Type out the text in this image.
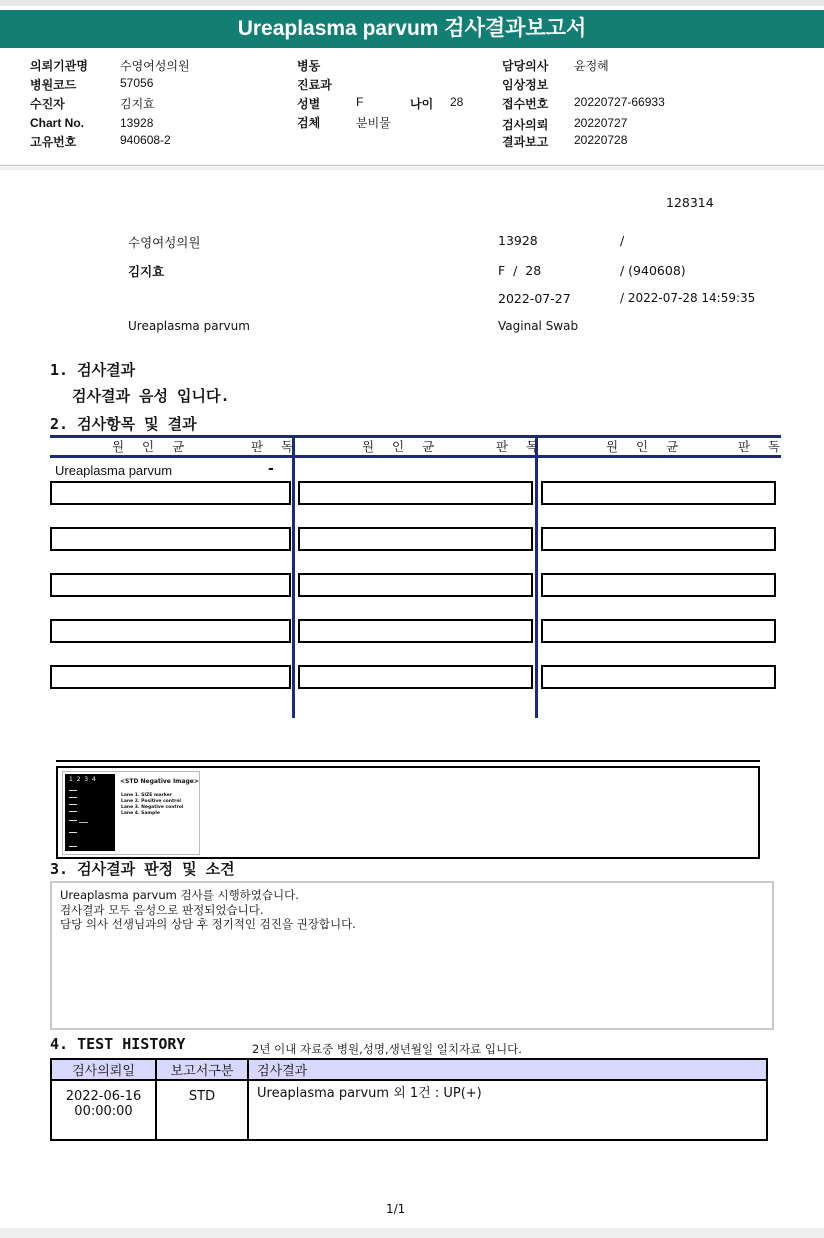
Ureaplasma parvum 검사결과보고서
의뢰기관명	수영여성의원
병원코드	57056
수진자	김지효
Chart No.	13928
고유번호	940608-2
병동
진료과
성별	F	나이 28
검체	분비물
담당의사 윤정혜
임상정보
접수번호 20220727-66933
검사의뢰 20220727
결과보고 20220728
128314
수영여성의원	13928	/
김지효	F  /  28	/ (940608)
2022-07-27	/ 2022-07-28 14:59:35
Ureaplasma parvum	Vaginal Swab
1. 검사결과
검사결과 음성 입니다.
2. 검사항목 및 결과
원 인 균	판 독	원 인 균	판 독	원 인 균	판 독
Ureaplasma parvum	-
1  2  3  4	<STD Negative Image>
Lane 1. SIZE marker
Lane 2. Positive control
Lane 3. Negative control
Lane 4. Sample
3. 검사결과 판정 및 소견
Ureaplasma parvum 검사를 시행하였습니다.
검사결과 모두 음성으로 판정되었습니다.
담당 의사 선생님과의 상담 후 정기적인 검진을 권장합니다.
4. TEST HISTORY	2년 이내 자료중 병원,성명,생년월일 일치자료 입니다.
검사의뢰일	보고서구분	검사결과

2022-06-16
00:00:00	STD	Ureaplasma parvum 외 1건 : UP(+)
1/1
